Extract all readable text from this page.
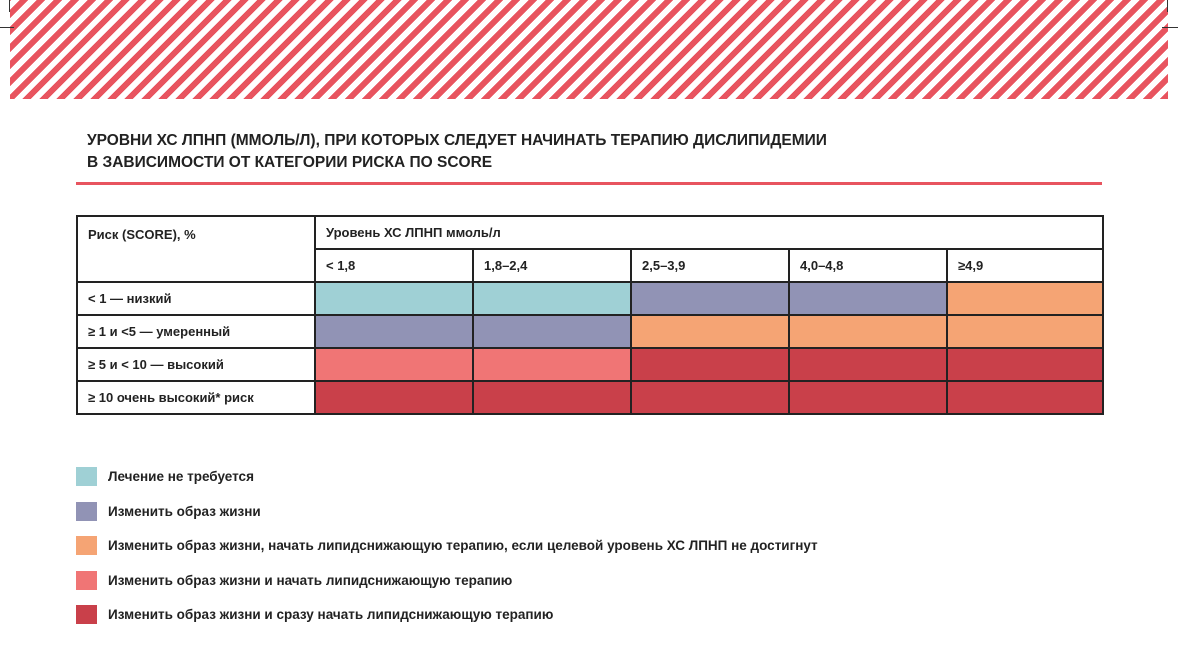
УРОВНИ ХС ЛПНП (ММОЛЬ/Л), ПРИ КОТОРЫХ СЛЕДУЕТ НАЧИНАТЬ ТЕРАПИЮ ДИСЛИПИДЕМИИ
В ЗАВИСИМОСТИ ОТ КАТЕГОРИИ РИСКА ПО SCORE
Риск (SCORE), %	Уровень ХС ЛПНП ммоль/л				
	< 1,8	1,8–2,4	2,5–3,9	4,0–4,8	≥4,9
< 1 — низкий					
≥ 1 и <5 — умеренный					
≥ 5 и < 10 — высокий					
≥ 10 очень высокий* риск					
Лечение не требуется
Изменить образ жизни
Изменить образ жизни, начать липидснижающую терапию, если целевой уровень ХС ЛПНП не достигнут
Изменить образ жизни и начать липидснижающую терапию
Изменить образ жизни и сразу начать липидснижающую терапию
